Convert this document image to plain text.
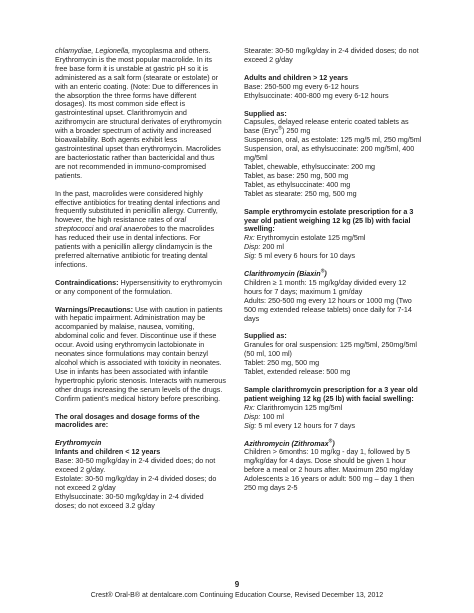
chlamydiae, Legionella, mycoplasma and others. Erythromycin is the most popular macrolide. In its free base form it is unstable at gastric pH so it is administered as a salt form (stearate or estolate) or with an enteric coating. (Note: Due to differences in the absorption the three forms have different dosages). Its most common side effect is gastrointestinal upset. Clarithromycin and azithromycin are structural derivates of erythromycin with a broader spectrum of activity and increased bioavailability. Both agents exhibit less gastrointestinal upset than erythromycin. Macrolides are bacteriostatic rather than bactericidal and thus are not recommended in immuno-compromised patients.

In the past, macrolides were considered highly effective antibiotics for treating dental infections and frequently substituted in penicillin allergy. Currently, however, the high resistance rates of oral streptococci and oral anaerobes to the macrolides has reduced their use in dental infections. For patients with a penicillin allergy clindamycin is the preferred alternative antibiotic for treating dental infections.

Contraindications: Hypersensitivity to erythromycin or any component of the formulation.

Warnings/Precautions: Use with caution in patients with hepatic impairment. Administration may be accompanied by malaise, nausea, vomiting, abdominal colic and fever. Discontinue use if these occur. Avoid using erythromycin lactobionate in neonates since formulations may contain benzyl alcohol which is associated with toxicity in neonates. Use in infants has been associated with infantile hypertrophic pyloric stenosis. Interacts with numerous other drugs increasing the serum levels of the drugs. Confirm patient's medical history before prescribing.

The oral dosages and dosage forms of the macrolides are:

Erythromycin

Infants and children < 12 years

Base: 30-50 mg/kg/day in 2-4 divided does; do not exceed 2 g/day.

Estolate: 30-50 mg/kg/day in 2-4 divided doses; do not exceed 2 g/day

Ethylsuccinate: 30-50 mg/kg/day in 2-4 divided doses; do not exceed 3.2 g/day

Stearate: 30-50 mg/kg/day in 2-4 divided doses; do not exceed 2 g/day

Adults and children > 12 years

Base: 250-500 mg every 6-12 hours

Ethylsuccinate: 400-800 mg every 6-12 hours

Supplied as:

Capsules, delayed release enteric coated tablets as base (Eryc®) 250 mg

Suspension, oral, as estolate: 125 mg/5 ml, 250 mg/5ml

Suspension, oral, as ethylsuccinate: 200 mg/5ml, 400 mg/5ml

Tablet, chewable, ethylsuccinate: 200 mg

Tablet, as base: 250 mg, 500 mg

Tablet, as ethylsuccinate: 400 mg

Tablet as stearate: 250 mg, 500 mg

Sample erythromycin estolate prescription for a 3 year old patient weighing 12 kg (25 lb) with facial swelling:

Rx: Erythromycin estolate 125 mg/5ml

Disp: 200 ml

Sig: 5 ml every 6 hours for 10 days

Clarithromycin (Biaxin®)

Children ≥ 1 month: 15 mg/kg/day divided every 12 hours for 7 days; maximum 1 gm/day

Adults: 250-500 mg every 12 hours or 1000 mg (Two 500 mg extended release tablets) once daily for 7-14 days

Supplied as:

Granules for oral suspension: 125 mg/5ml, 250mg/5ml (50 ml, 100 ml)

Tablet: 250 mg, 500 mg

Tablet, extended release: 500 mg

Sample clarithromycin prescription for a 3 year old patient weighing 12 kg (25 lb) with facial swelling:

Rx: Clarithromycin 125 mg/5ml

Disp: 100 ml

Sig: 5 ml every 12 hours for 7 days

Azithromycin (Zithromax®)

Children > 6months: 10 mg/kg - day 1, followed by 5 mg/kg/day for 4 days. Dose should be given 1 hour before a meal or 2 hours after. Maximum 250 mg/day

Adolescents ≥ 16 years or adult: 500 mg – day 1 then 250 mg days 2-5

9
Crest® Oral-B® at dentalcare.com Continuing Education Course, Revised December 13, 2012
